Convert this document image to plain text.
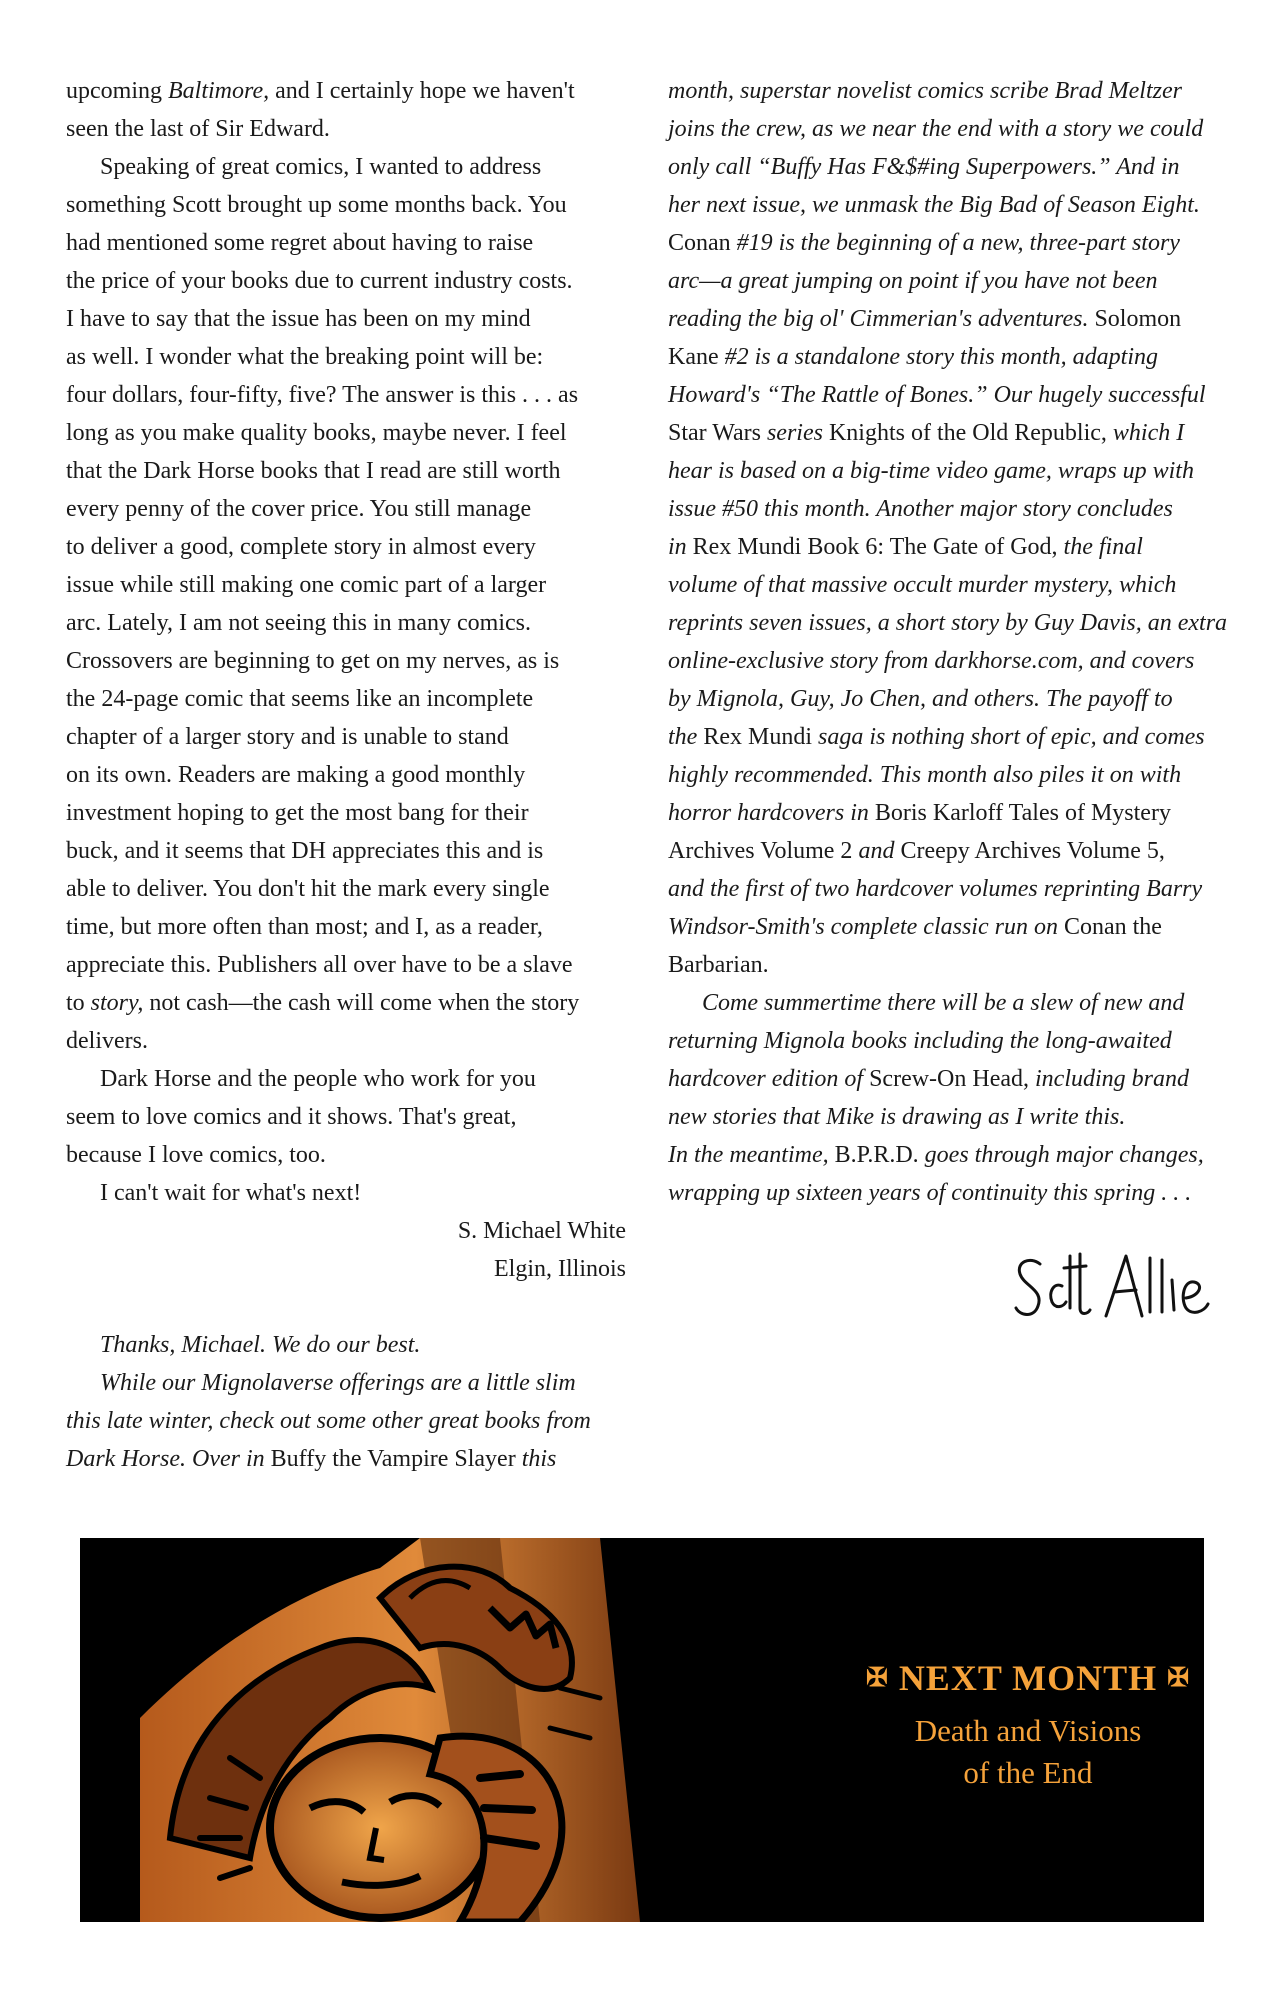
upcoming Baltimore, and I certainly hope we haven't
seen the last of Sir Edward.
Speaking of great comics, I wanted to address
something Scott brought up some months back. You
had mentioned some regret about having to raise
the price of your books due to current industry costs.
I have to say that the issue has been on my mind
as well. I wonder what the breaking point will be:
four dollars, four-fifty, five? The answer is this . . . as
long as you make quality books, maybe never. I feel
that the Dark Horse books that I read are still worth
every penny of the cover price. You still manage
to deliver a good, complete story in almost every
issue while still making one comic part of a larger
arc. Lately, I am not seeing this in many comics.
Crossovers are beginning to get on my nerves, as is
the 24-page comic that seems like an incomplete
chapter of a larger story and is unable to stand
on its own. Readers are making a good monthly
investment hoping to get the most bang for their
buck, and it seems that DH appreciates this and is
able to deliver. You don't hit the mark every single
time, but more often than most; and I, as a reader,
appreciate this. Publishers all over have to be a slave
to story, not cash—the cash will come when the story
delivers.
Dark Horse and the people who work for you
seem to love comics and it shows. That's great,
because I love comics, too.
I can't wait for what's next!
S. Michael White
Elgin, Illinois
Thanks, Michael. We do our best.
While our Mignolaverse offerings are a little slim
this late winter, check out some other great books from
Dark Horse. Over in Buffy the Vampire Slayer this
month, superstar novelist comics scribe Brad Meltzer
joins the crew, as we near the end with a story we could
only call “Buffy Has F&$#ing Superpowers.” And in
her next issue, we unmask the Big Bad of Season Eight.
Conan #19 is the beginning of a new, three-part story
arc—a great jumping on point if you have not been
reading the big ol' Cimmerian's adventures. Solomon
Kane #2 is a standalone story this month, adapting
Howard's “The Rattle of Bones.” Our hugely successful
Star Wars series Knights of the Old Republic, which I
hear is based on a big-time video game, wraps up with
issue #50 this month. Another major story concludes
in Rex Mundi Book 6: The Gate of God, the final
volume of that massive occult murder mystery, which
reprints seven issues, a short story by Guy Davis, an extra
online-exclusive story from darkhorse.com, and covers
by Mignola, Guy, Jo Chen, and others. The payoff to
the Rex Mundi saga is nothing short of epic, and comes
highly recommended. This month also piles it on with
horror hardcovers in Boris Karloff Tales of Mystery
Archives Volume 2 and Creepy Archives Volume 5,
and the first of two hardcover volumes reprinting Barry
Windsor-Smith's complete classic run on Conan the
Barbarian.
Come summertime there will be a slew of new and
returning Mignola books including the long-awaited
hardcover edition of Screw-On Head, including brand
new stories that Mike is drawing as I write this.
In the meantime, B.P.R.D. goes through major changes,
wrapping up sixteen years of continuity this spring . . .
✠ NEXT MONTH ✠
Death and Visions
of the End
